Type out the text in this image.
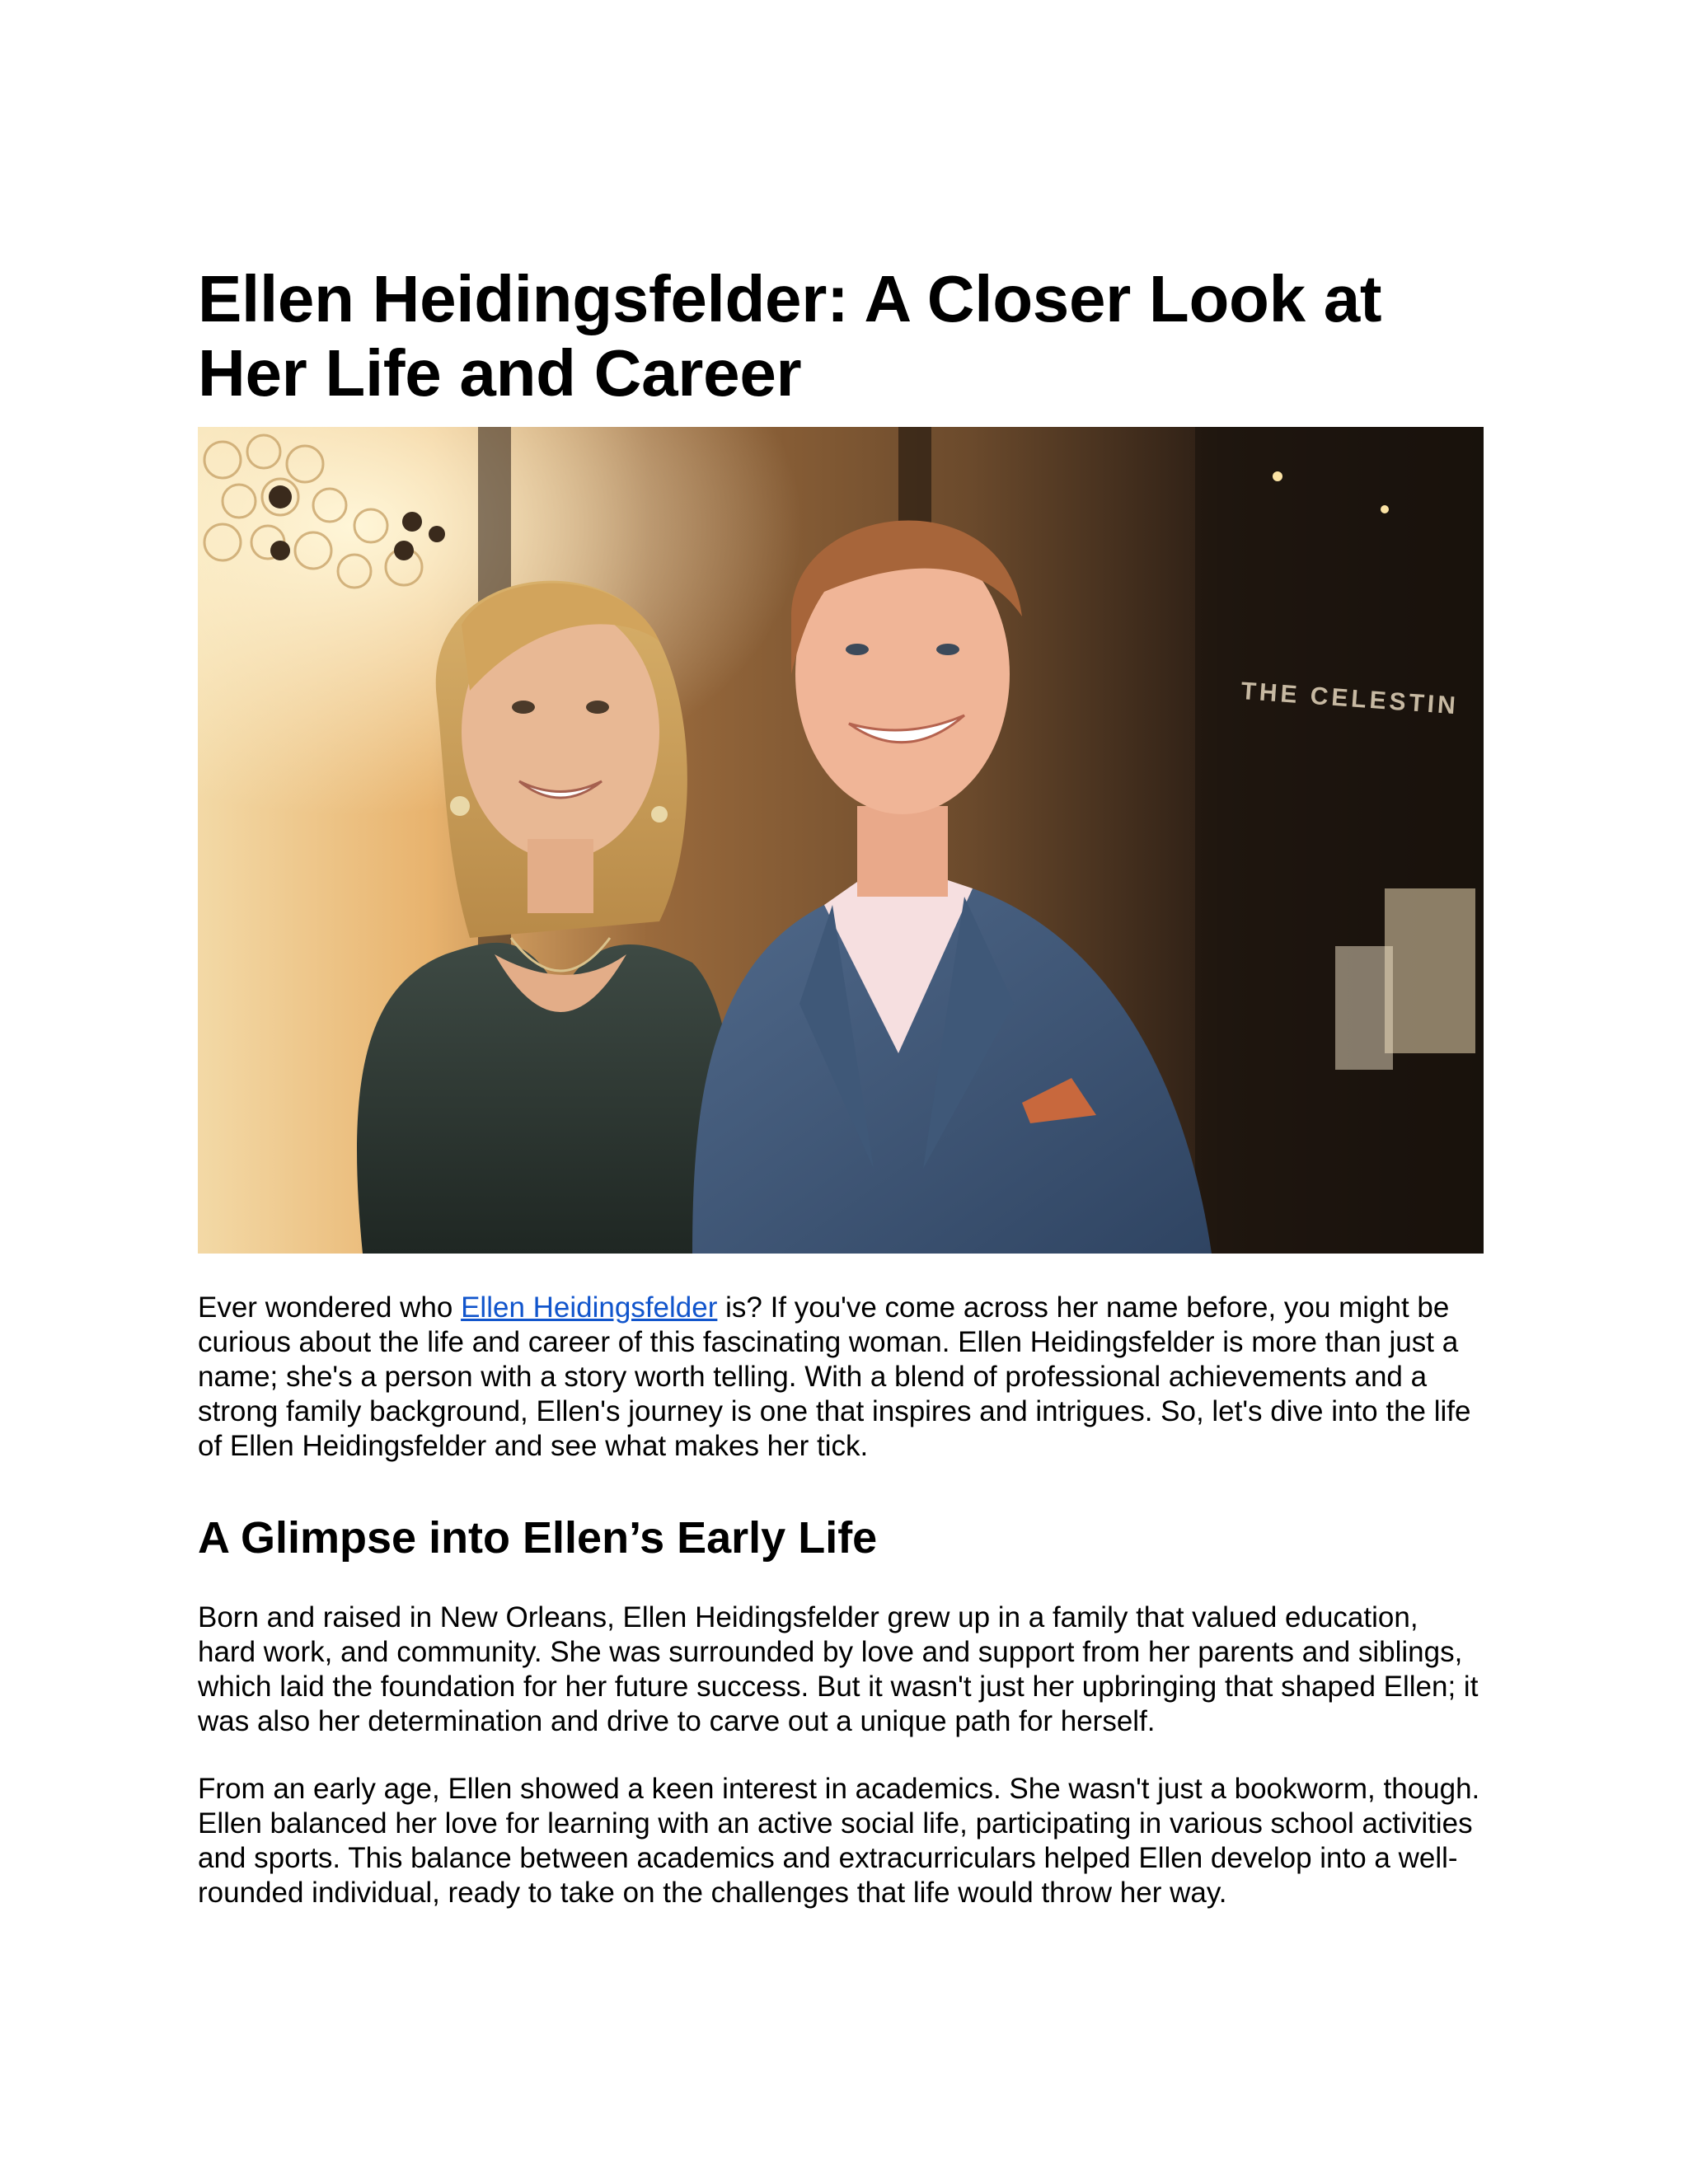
Ellen Heidingsfelder: A Closer Look at Her Life and Career
THE CELESTIN

Ever wondered who Ellen Heidingsfelder is? If you've come across her name before, you might be curious about the life and career of this fascinating woman. Ellen Heidingsfelder is more than just a name; she's a person with a story worth telling. With a blend of professional achievements and a strong family background, Ellen's journey is one that inspires and intrigues. So, let's dive into the life of Ellen Heidingsfelder and see what makes her tick.

A Glimpse into Ellen’s Early Life

Born and raised in New Orleans, Ellen Heidingsfelder grew up in a family that valued education, hard work, and community. She was surrounded by love and support from her parents and siblings, which laid the foundation for her future success. But it wasn't just her upbringing that shaped Ellen; it was also her determination and drive to carve out a unique path for herself.

From an early age, Ellen showed a keen interest in academics. She wasn't just a bookworm, though. Ellen balanced her love for learning with an active social life, participating in various school activities and sports. This balance between academics and extracurriculars helped Ellen develop into a well-rounded individual, ready to take on the challenges that life would throw her way.
